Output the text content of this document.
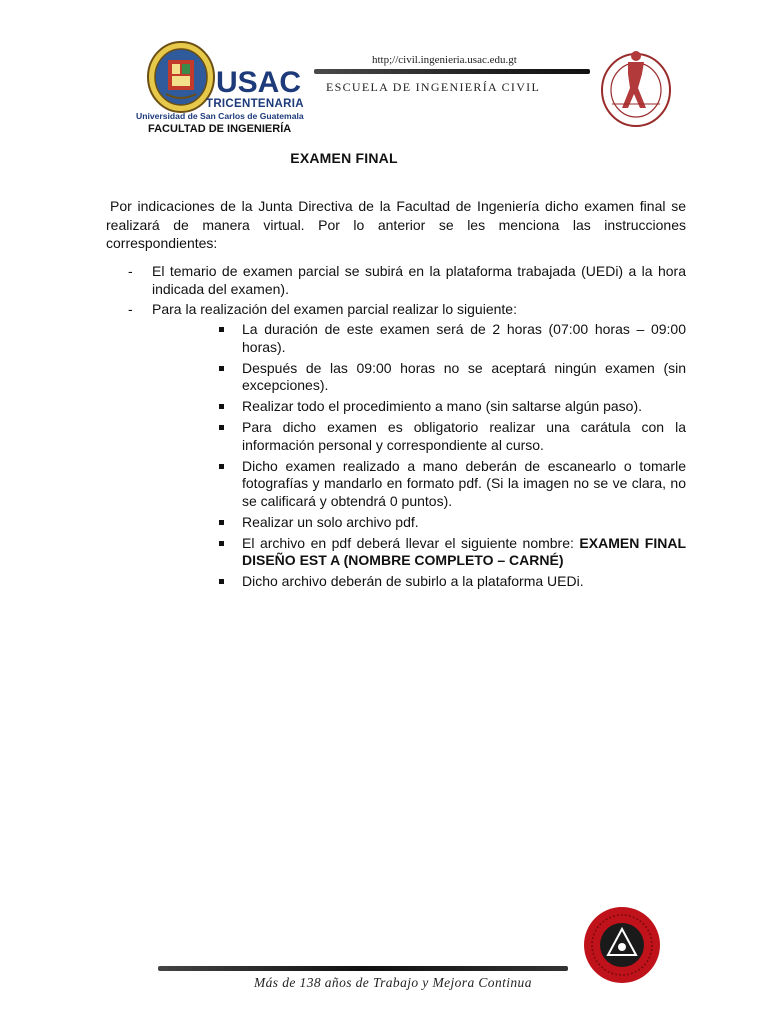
USAC
TRICENTENARIA
Universidad de San Carlos de Guatemala
FACULTAD DE INGENIERÍA
http;//civil.ingenieria.usac.edu.gt
ESCUELA DE INGENIERÍA CIVIL
EXAMEN FINAL

Por indicaciones de la Junta Directiva de la Facultad de Ingeniería dicho examen final se realizará de manera virtual. Por lo anterior se les menciona las instrucciones correspondientes:

- El temario de examen parcial se subirá en la plataforma trabajada (UEDi) a la hora indicada del examen).
- Para la realización del examen parcial realizar lo siguiente:
La duración de este examen será de 2 horas (07:00 horas – 09:00 horas).
Después de las 09:00 horas no se aceptará ningún examen (sin excepciones).
Realizar todo el procedimiento a mano (sin saltarse algún paso).
Para dicho examen es obligatorio realizar una carátula con la información personal y correspondiente al curso.
Dicho examen realizado a mano deberán de escanearlo o tomarle fotografías y mandarlo en formato pdf. (Si la imagen no se ve clara, no se calificará y obtendrá 0 puntos).
Realizar un solo archivo pdf.
El archivo en pdf deberá llevar el siguiente nombre: EXAMEN FINAL DISEÑO EST A (NOMBRE COMPLETO – CARNÉ)
Dicho archivo deberán de subirlo a la plataforma UEDi.
Más de 138 años de Trabajo y Mejora Continua
